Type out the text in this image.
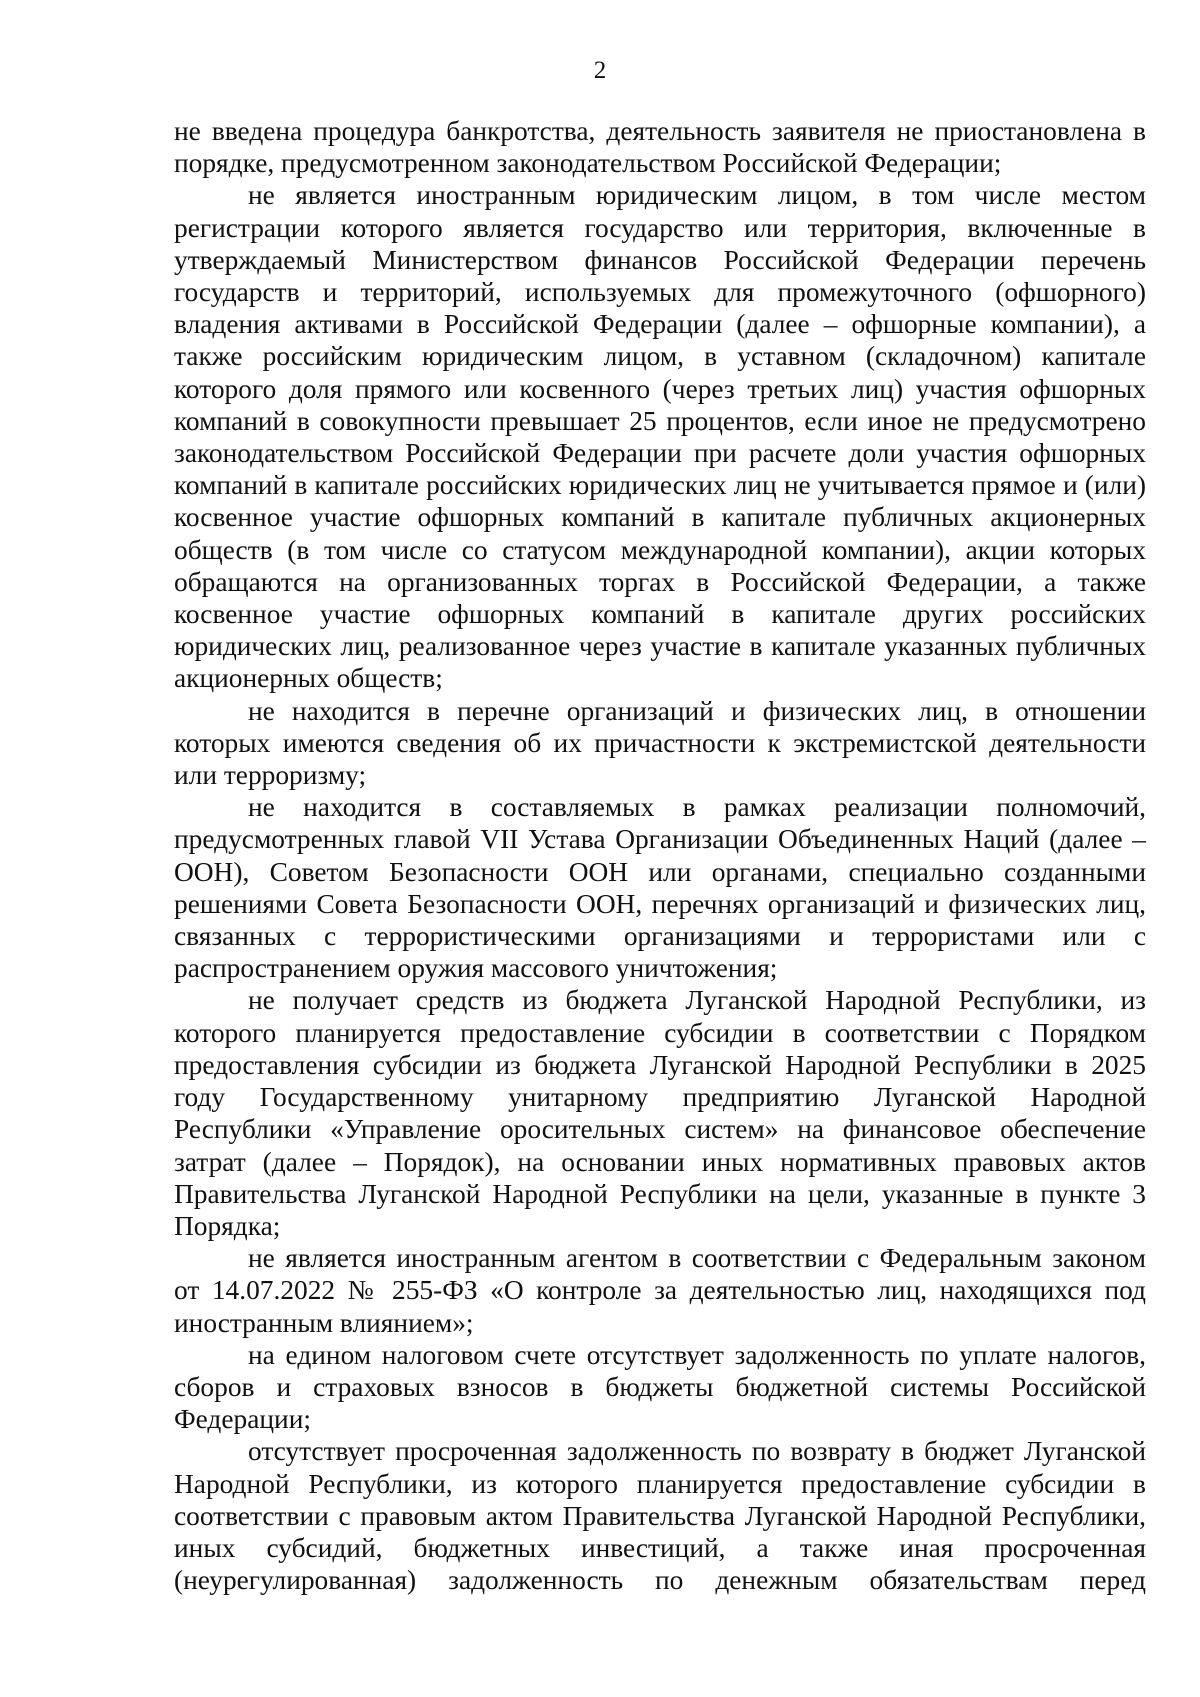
2

не введена процедура банкротства, деятельность заявителя не приостановлена в порядке, предусмотренном законодательством Российской Федерации;

не является иностранным юридическим лицом, в том числе местом регистрации которого является государство или территория, включенные в утверждаемый Министерством финансов Российской Федерации перечень государств и территорий, используемых для промежуточного (офшорного) владения активами в Российской Федерации (далее – офшорные компании), а также российским юридическим лицом, в уставном (складочном) капитале которого доля прямого или косвенного (через третьих лиц) участия офшорных компаний в совокупности превышает 25 процентов, если иное не предусмотрено законодательством Российской Федерации при расчете доли участия офшорных компаний в капитале российских юридических лиц не учитывается прямое и (или) косвенное участие офшорных компаний в капитале публичных акционерных обществ (в том числе со статусом международной компании), акции которых обращаются на организованных торгах в Российской Федерации, а также косвенное участие офшорных компаний в капитале других российских юридических лиц, реализованное через участие в капитале указанных публичных акционерных обществ;

не находится в перечне организаций и физических лиц, в отношении которых имеются сведения об их причастности к экстремистской деятельности или терроризму;

не находится в составляемых в рамках реализации полномочий, предусмотренных главой VII Устава Организации Объединенных Наций (далее – ООН), Советом Безопасности ООН или органами, специально созданными решениями Совета Безопасности ООН, перечнях организаций и физических лиц, связанных с террористическими организациями и террористами или с распространением оружия массового уничтожения;

не получает средств из бюджета Луганской Народной Республики, из которого планируется предоставление субсидии в соответствии с Порядком предоставления субсидии из бюджета Луганской Народной Республики в 2025 году Государственному унитарному предприятию Луганской Народной Республики «Управление оросительных систем» на финансовое обеспечение затрат (далее – Порядок), на основании иных нормативных правовых актов Правительства Луганской Народной Республики на цели, указанные в пункте 3 Порядка;

не является иностранным агентом в соответствии с Федеральным законом от 14.07.2022 № 255-ФЗ «О контроле за деятельностью лиц, находящихся под иностранным влиянием»;

на едином налоговом счете отсутствует задолженность по уплате налогов, сборов и страховых взносов в бюджеты бюджетной системы Российской Федерации;

отсутствует просроченная задолженность по возврату в бюджет Луганской Народной Республики, из которого планируется предоставление субсидии в соответствии с правовым актом Правительства Луганской Народной Республики, иных субсидий, бюджетных инвестиций, а также иная просроченная (неурегулированная) задолженность по денежным обязательствам перед
